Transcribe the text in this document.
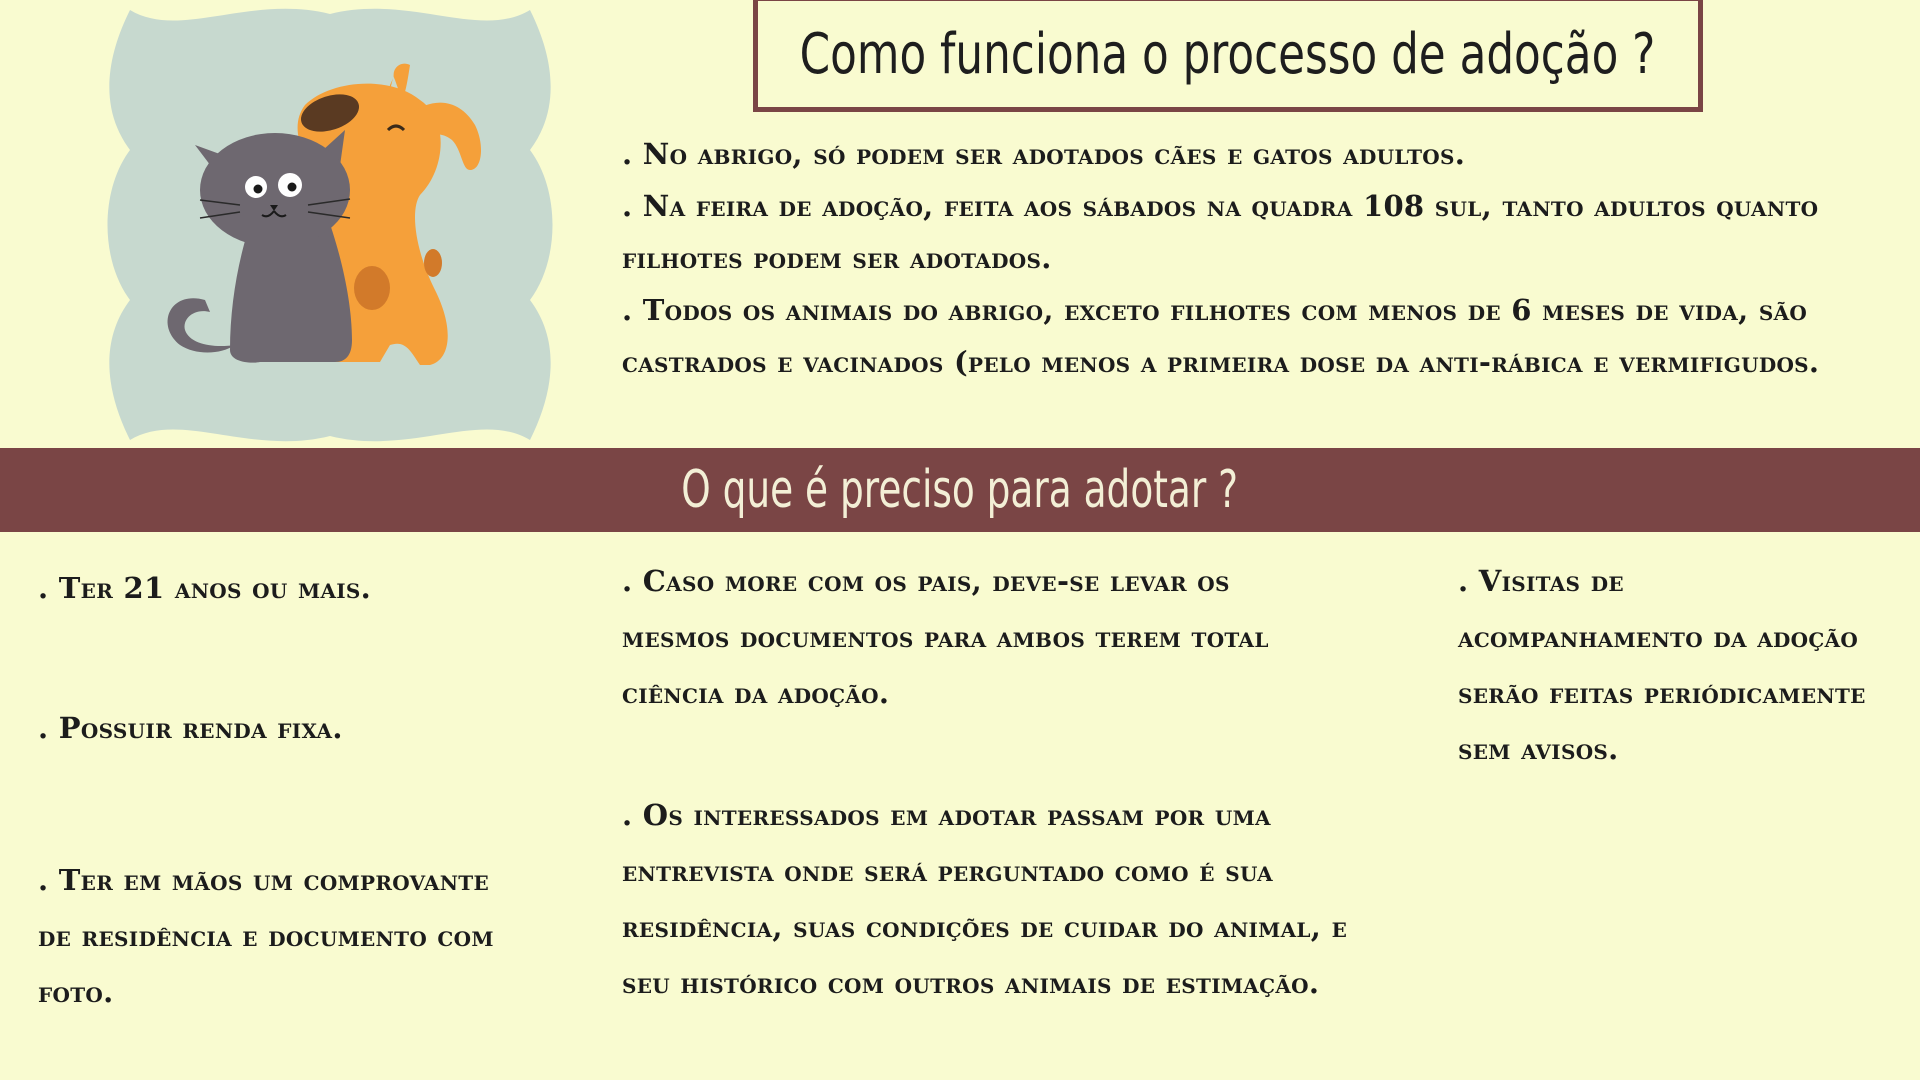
Como funciona o processo de adoção ?

. No abrigo, só podem ser adotados cães e gatos adultos.

. Na feira de adoção, feita aos sábados na quadra 108 sul, tanto adultos quanto filhotes podem ser adotados.

. Todos os animais do abrigo, exceto filhotes com menos de 6 meses de vida, são castrados e vacinados (pelo menos a primeira dose da anti-rábica e vermifigudos.

O que é preciso para adotar ?

. Ter 21 anos ou mais.

. Possuir renda fixa.

. Ter em mãos um comprovante de residência e documento com foto.

. Caso more com os pais, deve-se levar os mesmos documentos para ambos terem total ciência da adoção.

. Os interessados em adotar passam por uma entrevista onde será perguntado como é sua residência, suas condições de cuidar do animal, e seu histórico com outros animais de estimação.

. Visitas de acompanhamento da adoção serão feitas periódicamente sem avisos.
